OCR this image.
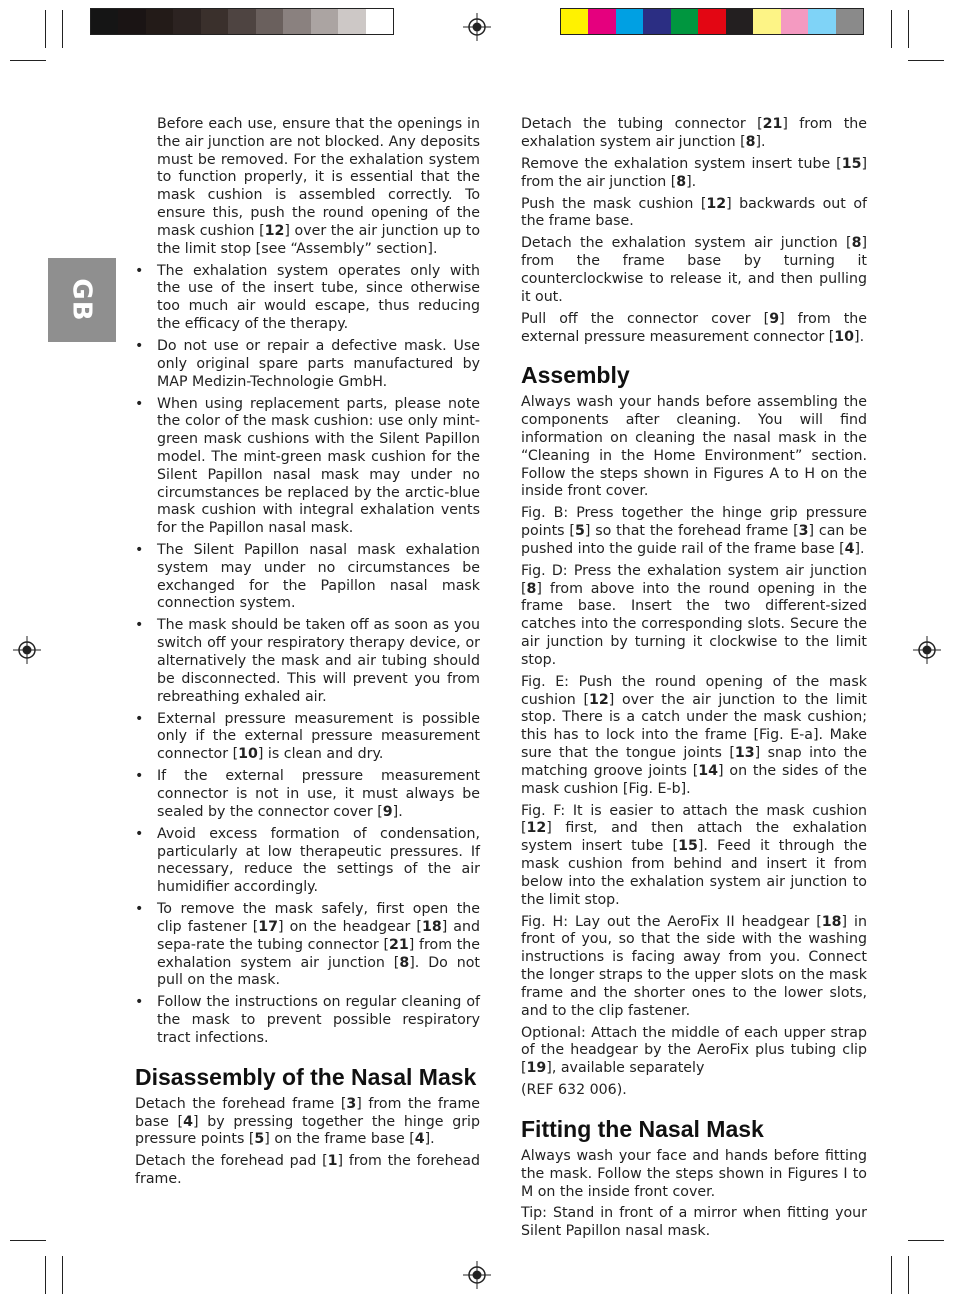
GB

Before each use, ensure that the openings in the air junction are not blocked. Any deposits must be removed. For the exhalation system to function properly, it is essential that the mask cushion is assembled correctly. To ensure this, push the round opening of the mask cushion [12] over the air junction up to the limit stop [see “Assembly” section].

• The exhalation system operates only with the use of the insert tube, since otherwise too much air would escape, thus reducing the efficacy of the therapy.
• Do not use or repair a defective mask. Use only original spare parts manufactured by MAP Medizin-Technologie GmbH.
• When using replacement parts, please note the color of the mask cushion: use only mint-green mask cushions with the Silent Papillon model. The mint-green mask cushion for the Silent Papillon nasal mask may under no circumstances be replaced by the arctic-blue mask cushion with integral exhalation vents for the Papillon nasal mask.
• The Silent Papillon nasal mask exhalation system may under no circumstances be exchanged for the Papillon nasal mask connection system.
• The mask should be taken off as soon as you switch off your respiratory therapy device, or alternatively the mask and air tubing should be disconnected. This will prevent you from rebreathing exhaled air.
• External pressure measurement is possible only if the external pressure measurement connector [10] is clean and dry.
• If the external pressure measurement connector is not in use, it must always be sealed by the connector cover [9].
• Avoid excess formation of condensation, particularly at low therapeutic pressures. If necessary, reduce the settings of the air humidifier accordingly.
• To remove the mask safely, first open the clip fastener [17] on the headgear [18] and sepa-rate the tubing connector [21] from the exhalation system air junction [8]. Do not pull on the mask.
• Follow the instructions on regular cleaning of the mask to prevent possible respiratory tract infections.
Disassembly of the Nasal Mask

Detach the forehead frame [3] from the frame base [4] by pressing together the hinge grip pressure points [5] on the frame base [4].

Detach the forehead pad [1] from the forehead frame.

Detach the tubing connector [21] from the exhalation system air junction [8].

Remove the exhalation system insert tube [15] from the air junction [8].

Push the mask cushion [12] backwards out of the frame base.

Detach the exhalation system air junction [8] from the frame base by turning it counterclockwise to release it, and then pulling it out.

Pull off the connector cover [9] from the external pressure measurement connector [10].

Assembly

Always wash your hands before assembling the components after cleaning. You will find information on cleaning the nasal mask in the “Cleaning in the Home Environment” section. Follow the steps shown in Figures A to H on the inside front cover.

Fig. B: Press together the hinge grip pressure points [5] so that the forehead frame [3] can be pushed into the guide rail of the frame base [4].

Fig. D: Press the exhalation system air junction [8] from above into the round opening in the frame base. Insert the two different-sized catches into the corresponding slots. Secure the air junction by turning it clockwise to the limit stop.

Fig. E: Push the round opening of the mask cushion [12] over the air junction to the limit stop. There is a catch under the mask cushion; this has to lock into the frame [Fig. E-a]. Make sure that the tongue joints [13] snap into the matching groove joints [14] on the sides of the mask cushion [Fig. E-b].

Fig. F: It is easier to attach the mask cushion [12] first, and then attach the exhalation system insert tube [15]. Feed it through the mask cushion from behind and insert it from below into the exhalation system air junction to the limit stop.

Fig. H: Lay out the AeroFix II headgear [18] in front of you, so that the side with the washing instructions is facing away from you. Connect the longer straps to the upper slots on the mask frame and the shorter ones to the lower slots, and to the clip fastener.

Optional: Attach the middle of each upper strap of the headgear by the AeroFix plus tubing clip [19], available separately

(REF 632 006).

Fitting the Nasal Mask

Always wash your face and hands before fitting the mask. Follow the steps shown in Figures I to M on the inside front cover.

Tip: Stand in front of a mirror when fitting your Silent Papillon nasal mask.
